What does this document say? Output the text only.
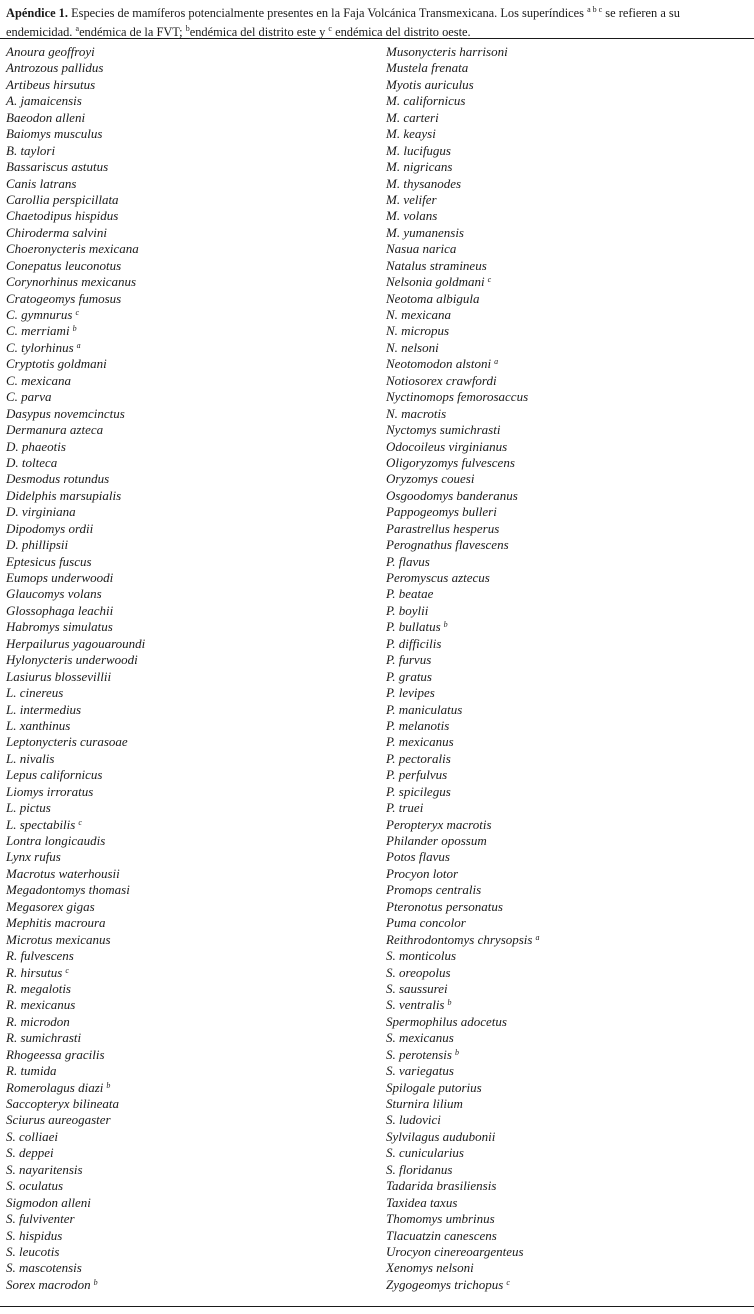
Apéndice 1. Especies de mamíferos potencialmente presentes en la Faja Volcánica Transmexicana. Los superíndices $^{a b c}$ se refieren a su endemicidad. $^a$endémica de la FVT; $^b$endémica del distrito este y $^c$ endémica del distrito oeste.
Anoura geoffroyi
Antrozous pallidus
Artibeus hirsutus
A. jamaicensis
Baeodon alleni
Baiomys musculus
B. taylori
Bassariscus astutus
Canis latrans
Carollia perspicillata
Chaetodipus hispidus
Chiroderma salvini
Choeronycteris mexicana
Conepatus leuconotus
Corynorhinus mexicanus
Cratogeomys fumosus
C. gymnurus $^c$
C. merriami $^b$
C. tylorhinus $^a$
Cryptotis goldmani
C. mexicana
C. parva
Dasypus novemcinctus
Dermanura azteca
D. phaeotis
D. tolteca
Desmodus rotundus
Didelphis marsupialis
D. virginiana
Dipodomys ordii
D. phillipsii
Eptesicus fuscus
Eumops underwoodi
Glaucomys volans
Glossophaga leachii
Habromys simulatus
Herpailurus yagouaroundi
Hylonycteris underwoodi
Lasiurus blossevillii
L. cinereus
L. intermedius
L. xanthinus
Leptonycteris curasoae
L. nivalis
Lepus californicus
Liomys irroratus
L. pictus
L. spectabilis $^c$
Lontra longicaudis
Lynx rufus
Macrotus waterhousii
Megadontomys thomasi
Megasorex gigas
Mephitis macroura
Microtus mexicanus
R. fulvescens
R. hirsutus $^c$
R. megalotis
R. mexicanus
R. microdon
R. sumichrasti
Rhogeessa gracilis
R. tumida
Romerolagus diazi $^b$
Saccopteryx bilineata
Sciurus aureogaster
S. colliaei
S. deppei
S. nayaritensis
S. oculatus
Sigmodon alleni
S. fulviventer
S. hispidus
S. leucotis
S. mascotensis
Sorex macrodon $^b$
Musonycteris harrisoni
Mustela frenata
Myotis auriculus
M. californicus
M. carteri
M. keaysi
M. lucifugus
M. nigricans
M. thysanodes
M. velifer
M. volans
M. yumanensis
Nasua narica
Natalus stramineus
Nelsonia goldmani $^c$
Neotoma albigula
N. mexicana
N. micropus
N. nelsoni
Neotomodon alstoni $^a$
Notiosorex crawfordi
Nyctinomops femorosaccus
N. macrotis
Nyctomys sumichrasti
Odocoileus virginianus
Oligoryzomys fulvescens
Oryzomys couesi
Osgoodomys banderanus
Pappogeomys bulleri
Parastrellus hesperus
Perognathus flavescens
P. flavus
Peromyscus aztecus
P. beatae
P. boylii
P. bullatus $^b$
P. difficilis
P. furvus
P. gratus
P. levipes
P. maniculatus
P. melanotis
P. mexicanus
P. pectoralis
P. perfulvus
P. spicilegus
P. truei
Peropteryx macrotis
Philander opossum
Potos flavus
Procyon lotor
Promops centralis
Pteronotus personatus
Puma concolor
Reithrodontomys chrysopsis $^a$
S. monticolus
S. oreopolus
S. saussurei
S. ventralis $^b$
Spermophilus adocetus
S. mexicanus
S. perotensis $^b$
S. variegatus
Spilogale putorius
Sturnira lilium
S. ludovici
Sylvilagus audubonii
S. cunicularius
S. floridanus
Tadarida brasiliensis
Taxidea taxus
Thomomys umbrinus
Tlacuatzin canescens
Urocyon cinereoargenteus
Xenomys nelsoni
Zygogeomys trichopus $^c$
